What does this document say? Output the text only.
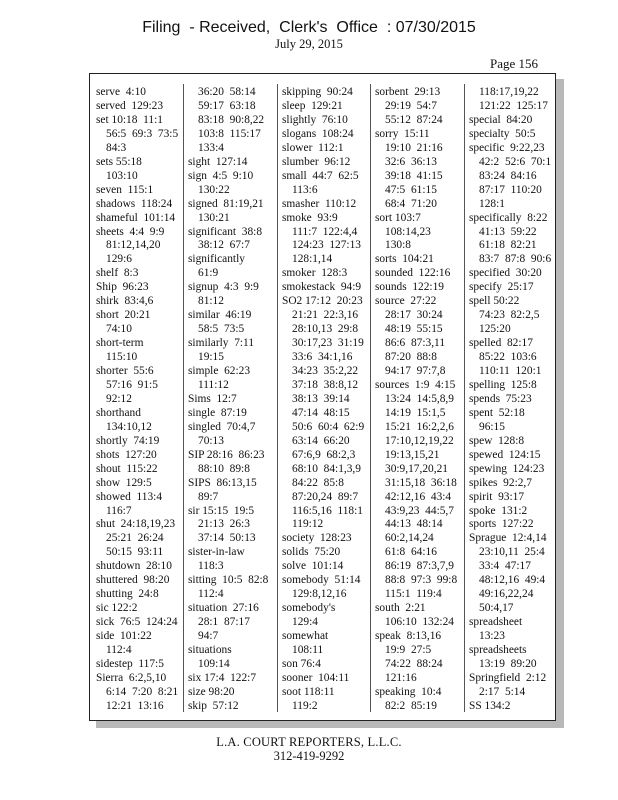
Filing  - Received,  Clerk's  Office  : 07/30/2015
July 29, 2015
Page 156
serve  4:10
served  129:23
set 10:18  11:1
56:5  69:3  73:5
84:3
sets 55:18
103:10
seven  115:1
shadows  118:24
shameful  101:14
sheets  4:4  9:9
81:12,14,20
129:6
shelf  8:3
Ship  96:23
shirk  83:4,6
short  20:21
74:10
short-term
115:10
shorter  55:6
57:16  91:5
92:12
shorthand
134:10,12
shortly  74:19
shots  127:20
shout  115:22
show  129:5
showed  113:4
116:7
shut  24:18,19,23
25:21  26:24
50:15  93:11
shutdown  28:10
shuttered  98:20
shutting  24:8
sic 122:2
sick  76:5  124:24
side  101:22
112:4
sidestep  117:5
Sierra  6:2,5,10
6:14  7:20  8:21
12:21  13:16
36:20  58:14
59:17  63:18
83:18  90:8,22
103:8  115:17
133:4
sight  127:14
sign  4:5  9:10
130:22
signed  81:19,21
130:21
significant  38:8
38:12  67:7
significantly
61:9
signup  4:3  9:9
81:12
similar  46:19
58:5  73:5
similarly  7:11
19:15
simple  62:23
111:12
Sims  12:7
single  87:19
singled  70:4,7
70:13
SIP 28:16  86:23
88:10  89:8
SIPS  86:13,15
89:7
sir 15:15  19:5
21:13  26:3
37:14  50:13
sister-in-law
118:3
sitting  10:5  82:8
112:4
situation  27:16
28:1  87:17
94:7
situations
109:14
six 17:4  122:7
size 98:20
skip  57:12
skipping  90:24
sleep  129:21
slightly  76:10
slogans  108:24
slower  112:1
slumber  96:12
small  44:7  62:5
113:6
smasher  110:12
smoke  93:9
111:7  122:4,4
124:23  127:13
128:1,14
smoker  128:3
smokestack  94:9
SO2 17:12  20:23
21:21  22:3,16
28:10,13  29:8
30:17,23  31:19
33:6  34:1,16
34:23  35:2,22
37:18  38:8,12
38:13  39:14
47:14  48:15
50:6  60:4  62:9
63:14  66:20
67:6,9  68:2,3
68:10  84:1,3,9
84:22  85:8
87:20,24  89:7
116:5,16  118:1
119:12
society  128:23
solids  75:20
solve  101:14
somebody  51:14
129:8,12,16
somebody's
129:4
somewhat
108:11
son 76:4
sooner  104:11
soot 118:11
119:2
sorbent  29:13
29:19  54:7
55:12  87:24
sorry  15:11
19:10  21:16
32:6  36:13
39:18  41:15
47:5  61:15
68:4  71:20
sort 103:7
108:14,23
130:8
sorts  104:21
sounded  122:16
sounds  122:19
source  27:22
28:17  30:24
48:19  55:15
86:6  87:3,11
87:20  88:8
94:17  97:7,8
sources  1:9  4:15
13:24  14:5,8,9
14:19  15:1,5
15:21  16:2,2,6
17:10,12,19,22
19:13,15,21
30:9,17,20,21
31:15,18  36:18
42:12,16  43:4
43:9,23  44:5,7
44:13  48:14
60:2,14,24
61:8  64:16
86:19  87:3,7,9
88:8  97:3  99:8
115:1  119:4
south  2:21
106:10  132:24
speak  8:13,16
19:9  27:5
74:22  88:24
121:16
speaking  10:4
82:2  85:19
118:17,19,22
121:22  125:17
special  84:20
specialty  50:5
specific  9:22,23
42:2  52:6  70:1
83:24  84:16
87:17  110:20
128:1
specifically  8:22
41:13  59:22
61:18  82:21
83:7  87:8  90:6
specified  30:20
specify  25:17
spell 50:22
74:23  82:2,5
125:20
spelled  82:17
85:22  103:6
110:11  120:1
spelling  125:8
spends  75:23
spent  52:18
96:15
spew  128:8
spewed  124:15
spewing  124:23
spikes  92:2,7
spirit  93:17
spoke  131:2
sports  127:22
Sprague  12:4,14
23:10,11  25:4
33:4  47:17
48:12,16  49:4
49:16,22,24
50:4,17
spreadsheet
13:23
spreadsheets
13:19  89:20
Springfield  2:12
2:17  5:14
SS 134:2
L.A. COURT REPORTERS, L.L.C.
312-419-9292
